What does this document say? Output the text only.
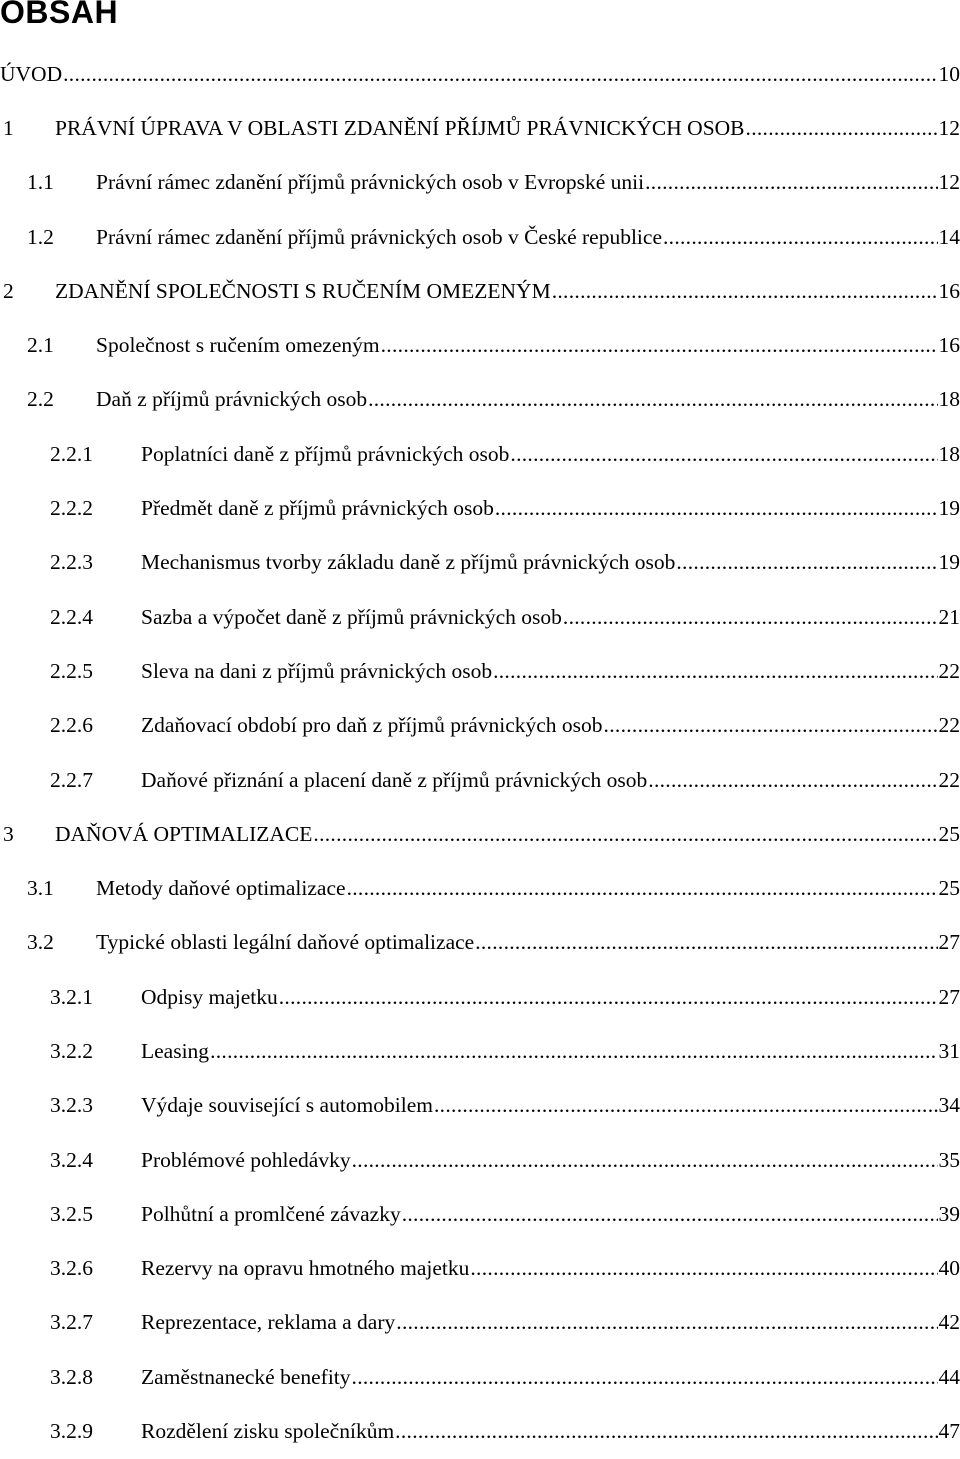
OBSAH
ÚVOD .....	10
1	PRÁVNÍ ÚPRAVA V OBLASTI ZDANĚNÍ PŘÍJMŮ PRÁVNICKÝCH OSOB .....	12
1.1	Právní rámec zdanění příjmů právnických osob v Evropské unii .....	12
1.2	Právní rámec zdanění příjmů právnických osob v České republice .....	14
2	ZDANĚNÍ SPOLEČNOSTI S RUČENÍM OMEZENÝM .....	16
2.1	Společnost s ručením omezeným .....	16
2.2	Daň z příjmů právnických osob .....	18
2.2.1	Poplatníci daně z příjmů právnických osob .....	18
2.2.2	Předmět daně z příjmů právnických osob .....	19
2.2.3	Mechanismus tvorby základu daně z příjmů právnických osob .....	19
2.2.4	Sazba a výpočet daně z příjmů právnických osob .....	21
2.2.5	Sleva na dani z příjmů právnických osob .....	22
2.2.6	Zdaňovací období pro daň z příjmů právnických osob .....	22
2.2.7	Daňové přiznání a placení daně z příjmů právnických osob .....	22
3	DAŇOVÁ OPTIMALIZACE .....	25
3.1	Metody daňové optimalizace .....	25
3.2	Typické oblasti legální daňové optimalizace .....	27
3.2.1	Odpisy majetku .....	27
3.2.2	Leasing .....	31
3.2.3	Výdaje související s automobilem .....	34
3.2.4	Problémové pohledávky .....	35
3.2.5	Polhůtní a promlčené závazky .....	39
3.2.6	Rezervy na opravu hmotného majetku .....	40
3.2.7	Reprezentace, reklama a dary .....	42
3.2.8	Zaměstnanecké benefity .....	44
3.2.9	Rozdělení zisku společníkům .....	47
